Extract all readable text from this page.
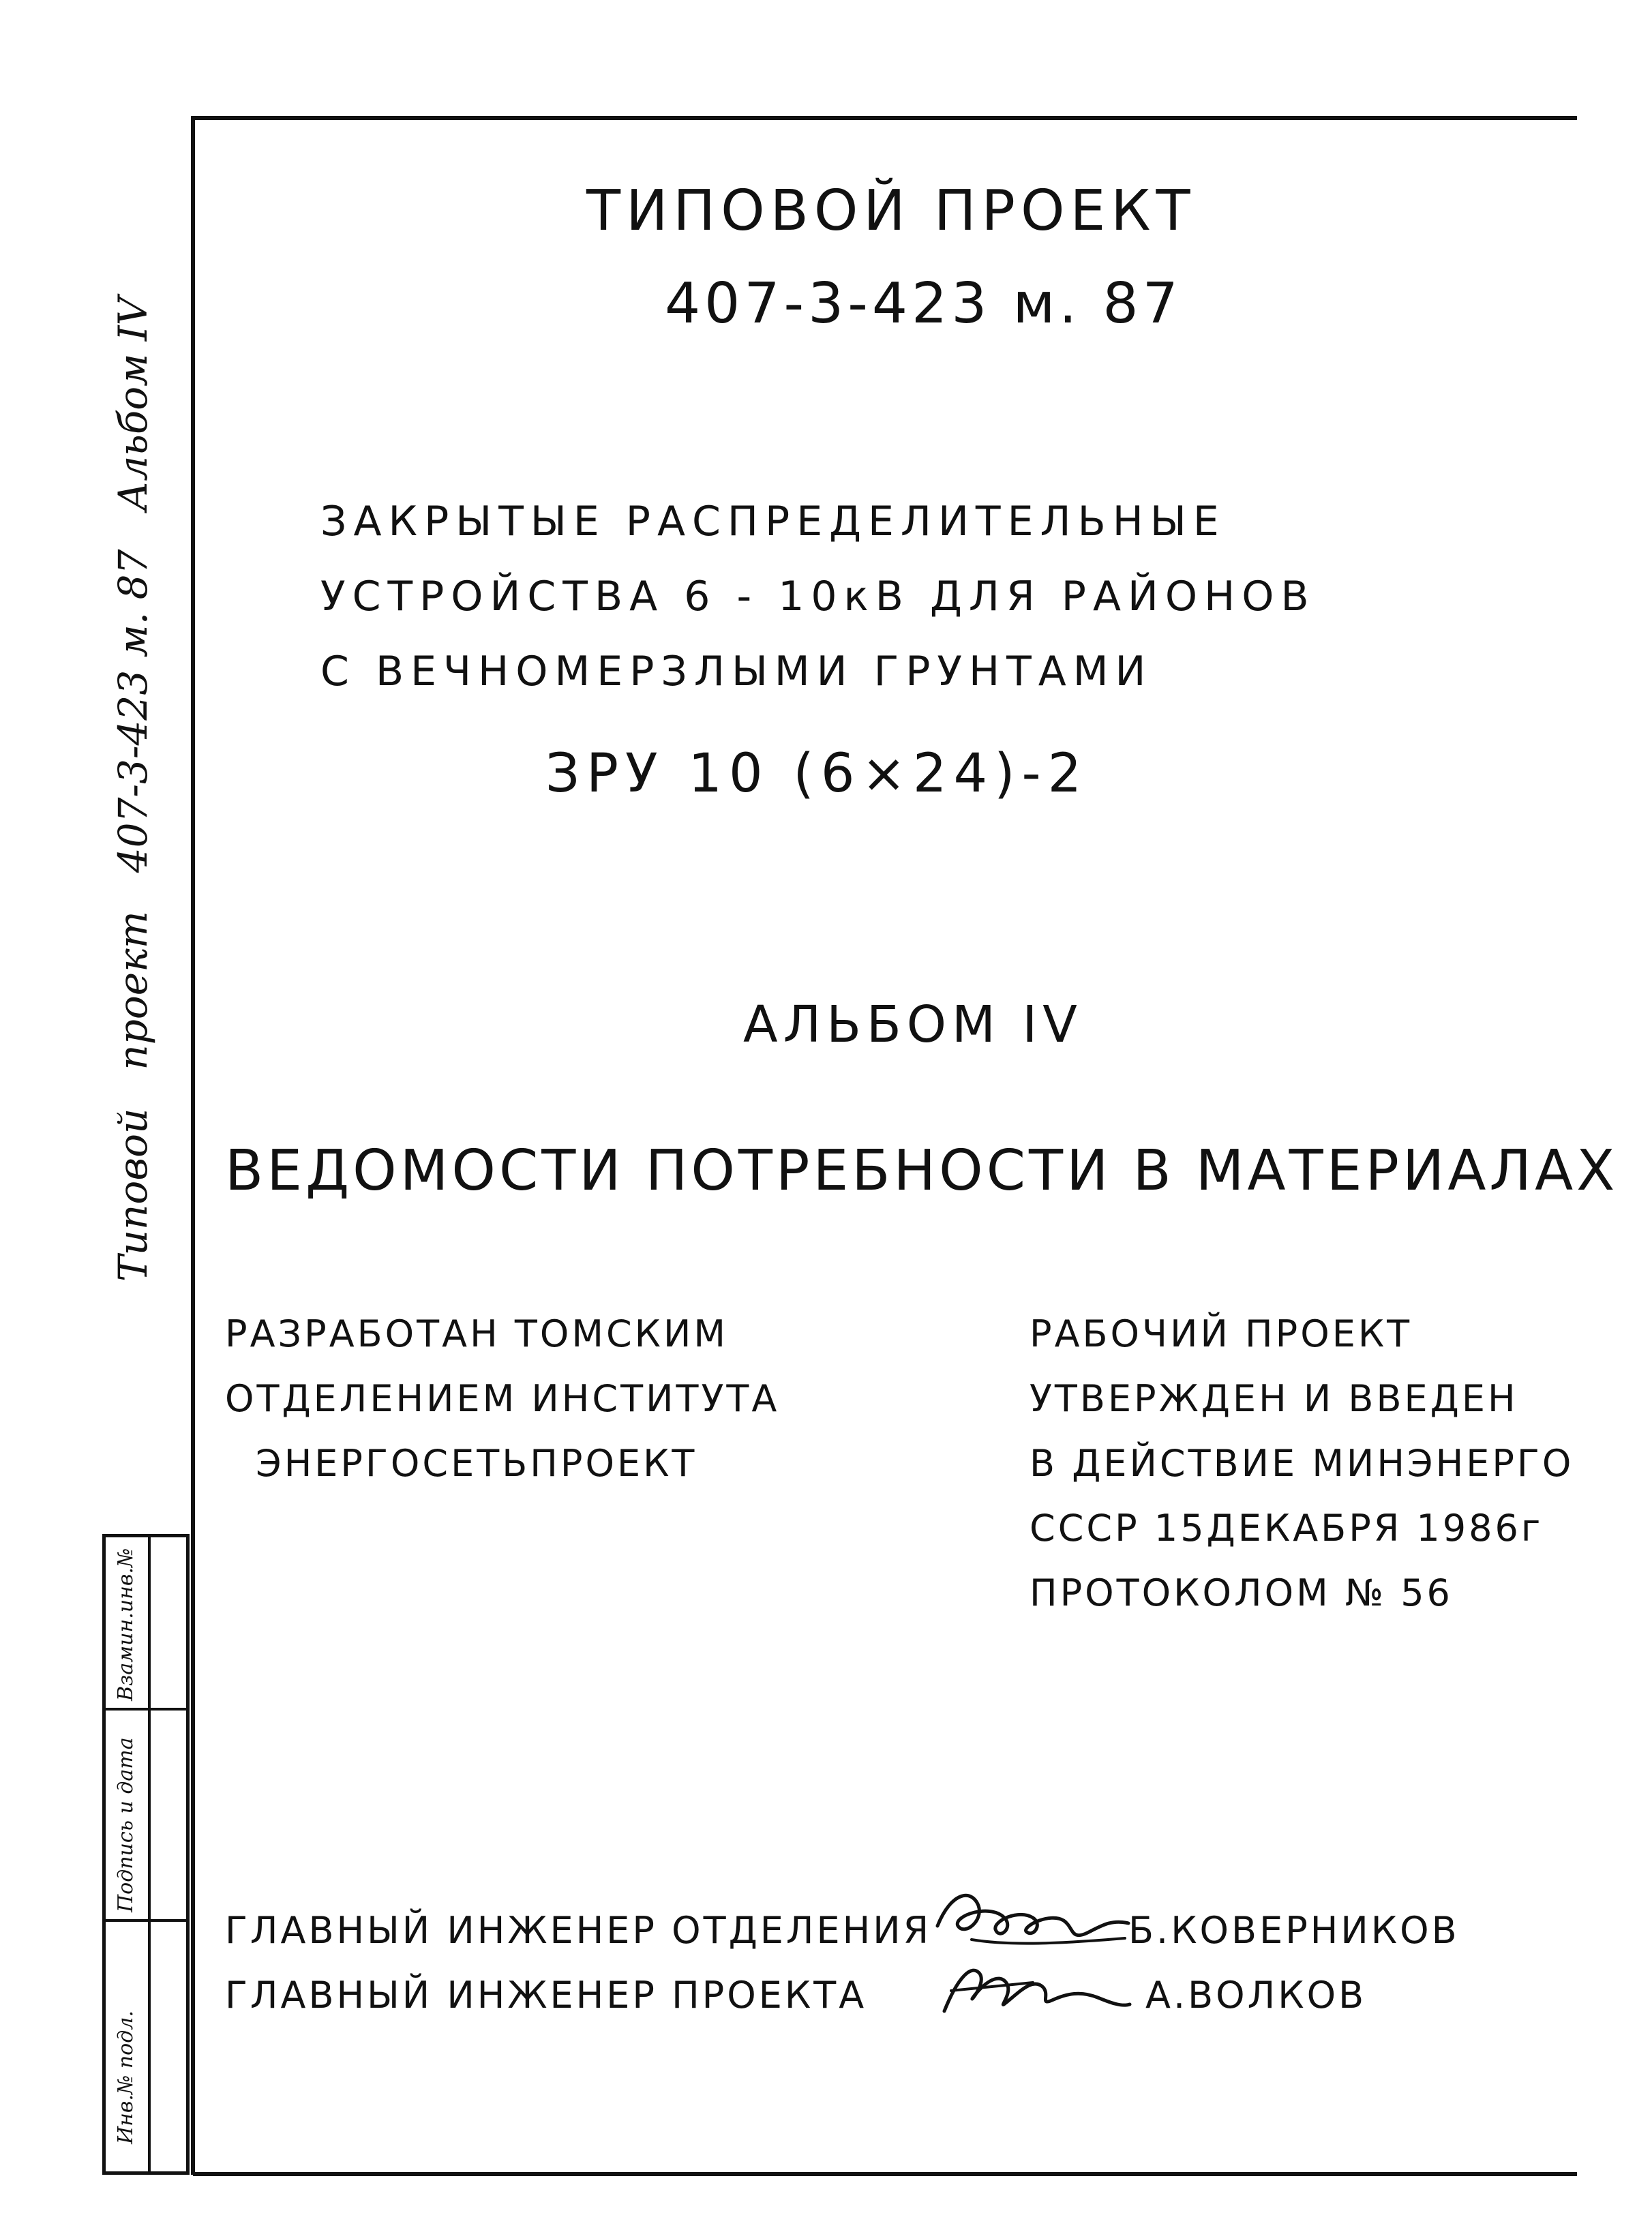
Типовой
проект
407-3-423 м. 87
Альбом IV
Взамин.инв.№
Подпись и дата
Инв.№ подл.
ТИПОВОЙ ПРОЕКТ
407-3-423 м. 87
ЗАКРЫТЫЕ РАСПРЕДЕЛИТЕЛЬНЫЕ
УСТРОЙСТВА 6 - 10кВ ДЛЯ РАЙОНОВ
С ВЕЧНОМЕРЗЛЫМИ ГРУНТАМИ
ЗРУ 10 (6×24)-2
АЛЬБОМ IV
ВЕДОМОСТИ ПОТРЕБНОСТИ В МАТЕРИАЛАХ
РАЗРАБОТАН ТОМСКИМ
ОТДЕЛЕНИЕМ ИНСТИТУТА
ЭНЕРГОСЕТЬПРОЕКТ
РАБОЧИЙ ПРОЕКТ
УТВЕРЖДЕН И ВВЕДЕН
В ДЕЙСТВИЕ МИНЭНЕРГО
СССР 15ДЕКАБРЯ 1986г
ПРОТОКОЛОМ № 56
ГЛАВНЫЙ ИНЖЕНЕР ОТДЕЛЕНИЯ	Б.КОВЕРНИКОВ
ГЛАВНЫЙ ИНЖЕНЕР ПРОЕКТА	А.ВОЛКОВ
